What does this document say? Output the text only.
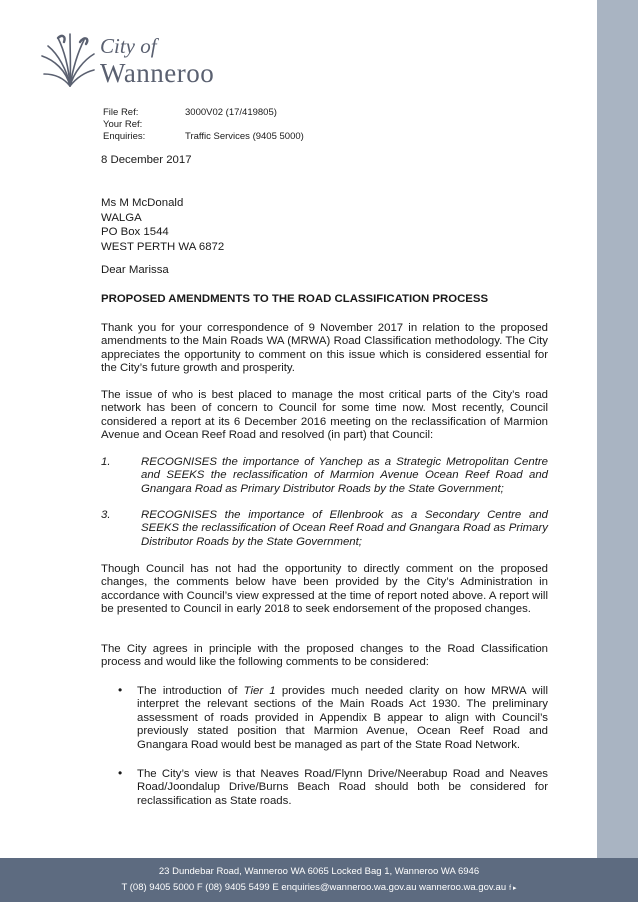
City of
Wanneroo
File Ref:	3000V02 (17/419805)
Your Ref:
Enquiries:	Traffic Services (9405 5000)
8 December 2017
Ms M McDonald
WALGA
PO Box 1544
WEST PERTH WA 6872
Dear Marissa
PROPOSED AMENDMENTS TO THE ROAD CLASSIFICATION PROCESS
Thank you for your correspondence of 9 November 2017 in relation to the proposed amendments to the Main Roads WA (MRWA) Road Classification methodology. The City appreciates the opportunity to comment on this issue which is considered essential for the City’s future growth and prosperity.
The issue of who is best placed to manage the most critical parts of the City’s road network has been of concern to Council for some time now. Most recently, Council considered a report at its 6 December 2016 meeting on the reclassification of Marmion Avenue and Ocean Reef Road and resolved (in part) that Council:
1.	RECOGNISES the importance of Yanchep as a Strategic Metropolitan Centre and SEEKS the reclassification of Marmion Avenue Ocean Reef Road and Gnangara Road as Primary Distributor Roads by the State Government;
3.	RECOGNISES the importance of Ellenbrook as a Secondary Centre and SEEKS the reclassification of Ocean Reef Road and Gnangara Road as Primary Distributor Roads by the State Government;
Though Council has not had the opportunity to directly comment on the proposed changes, the comments below have been provided by the City’s Administration in accordance with Council’s view expressed at the time of report noted above. A report will be presented to Council in early 2018 to seek endorsement of the proposed changes.
The City agrees in principle with the proposed changes to the Road Classification process and would like the following comments to be considered:
• The introduction of Tier 1 provides much needed clarity on how MRWA will interpret the relevant sections of the Main Roads Act 1930. The preliminary assessment of roads provided in Appendix B appear to align with Council’s previously stated position that Marmion Avenue, Ocean Reef Road and Gnangara Road would best be managed as part of the State Road Network.
• The City’s view is that Neaves Road/Flynn Drive/Neerabup Road and Neaves Road/Joondalup Drive/Burns Beach Road should both be considered for reclassification as State roads.
23 Dundebar Road, Wanneroo WA 6065 Locked Bag 1, Wanneroo WA 6946
T (08) 9405 5000 F (08) 9405 5499 E enquiries@wanneroo.wa.gov.au wanneroo.wa.gov.au f ▸
